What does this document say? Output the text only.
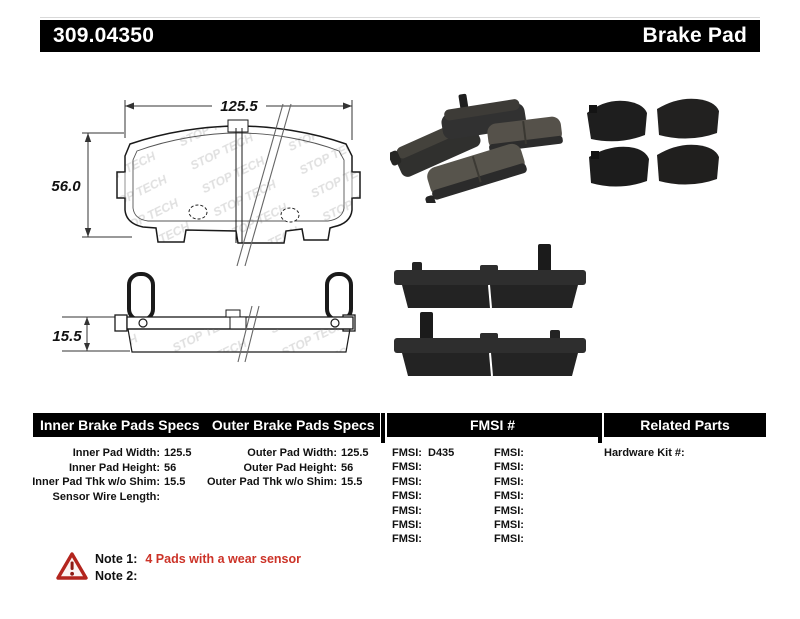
309.04350	Brake Pad
125.5
56.0
15.5
Inner Brake Pads Specs Outer Brake Pads Specs	FMSI #	Related Parts
Inner Pad Width: 125.5
Inner Pad Height: 56
Inner Pad Thk w/o Shim: 15.5
Sensor Wire Length:
Outer Pad Width: 125.5
Outer Pad Height: 56
Outer Pad Thk w/o Shim: 15.5
FMSI: D435
FMSI:
FMSI:
FMSI:
FMSI:
FMSI:
FMSI:
FMSI:
FMSI:
FMSI:
FMSI:
FMSI:
FMSI:
FMSI:
Hardware Kit #:
Note 1: 4 Pads with a wear sensor
Note 2:
